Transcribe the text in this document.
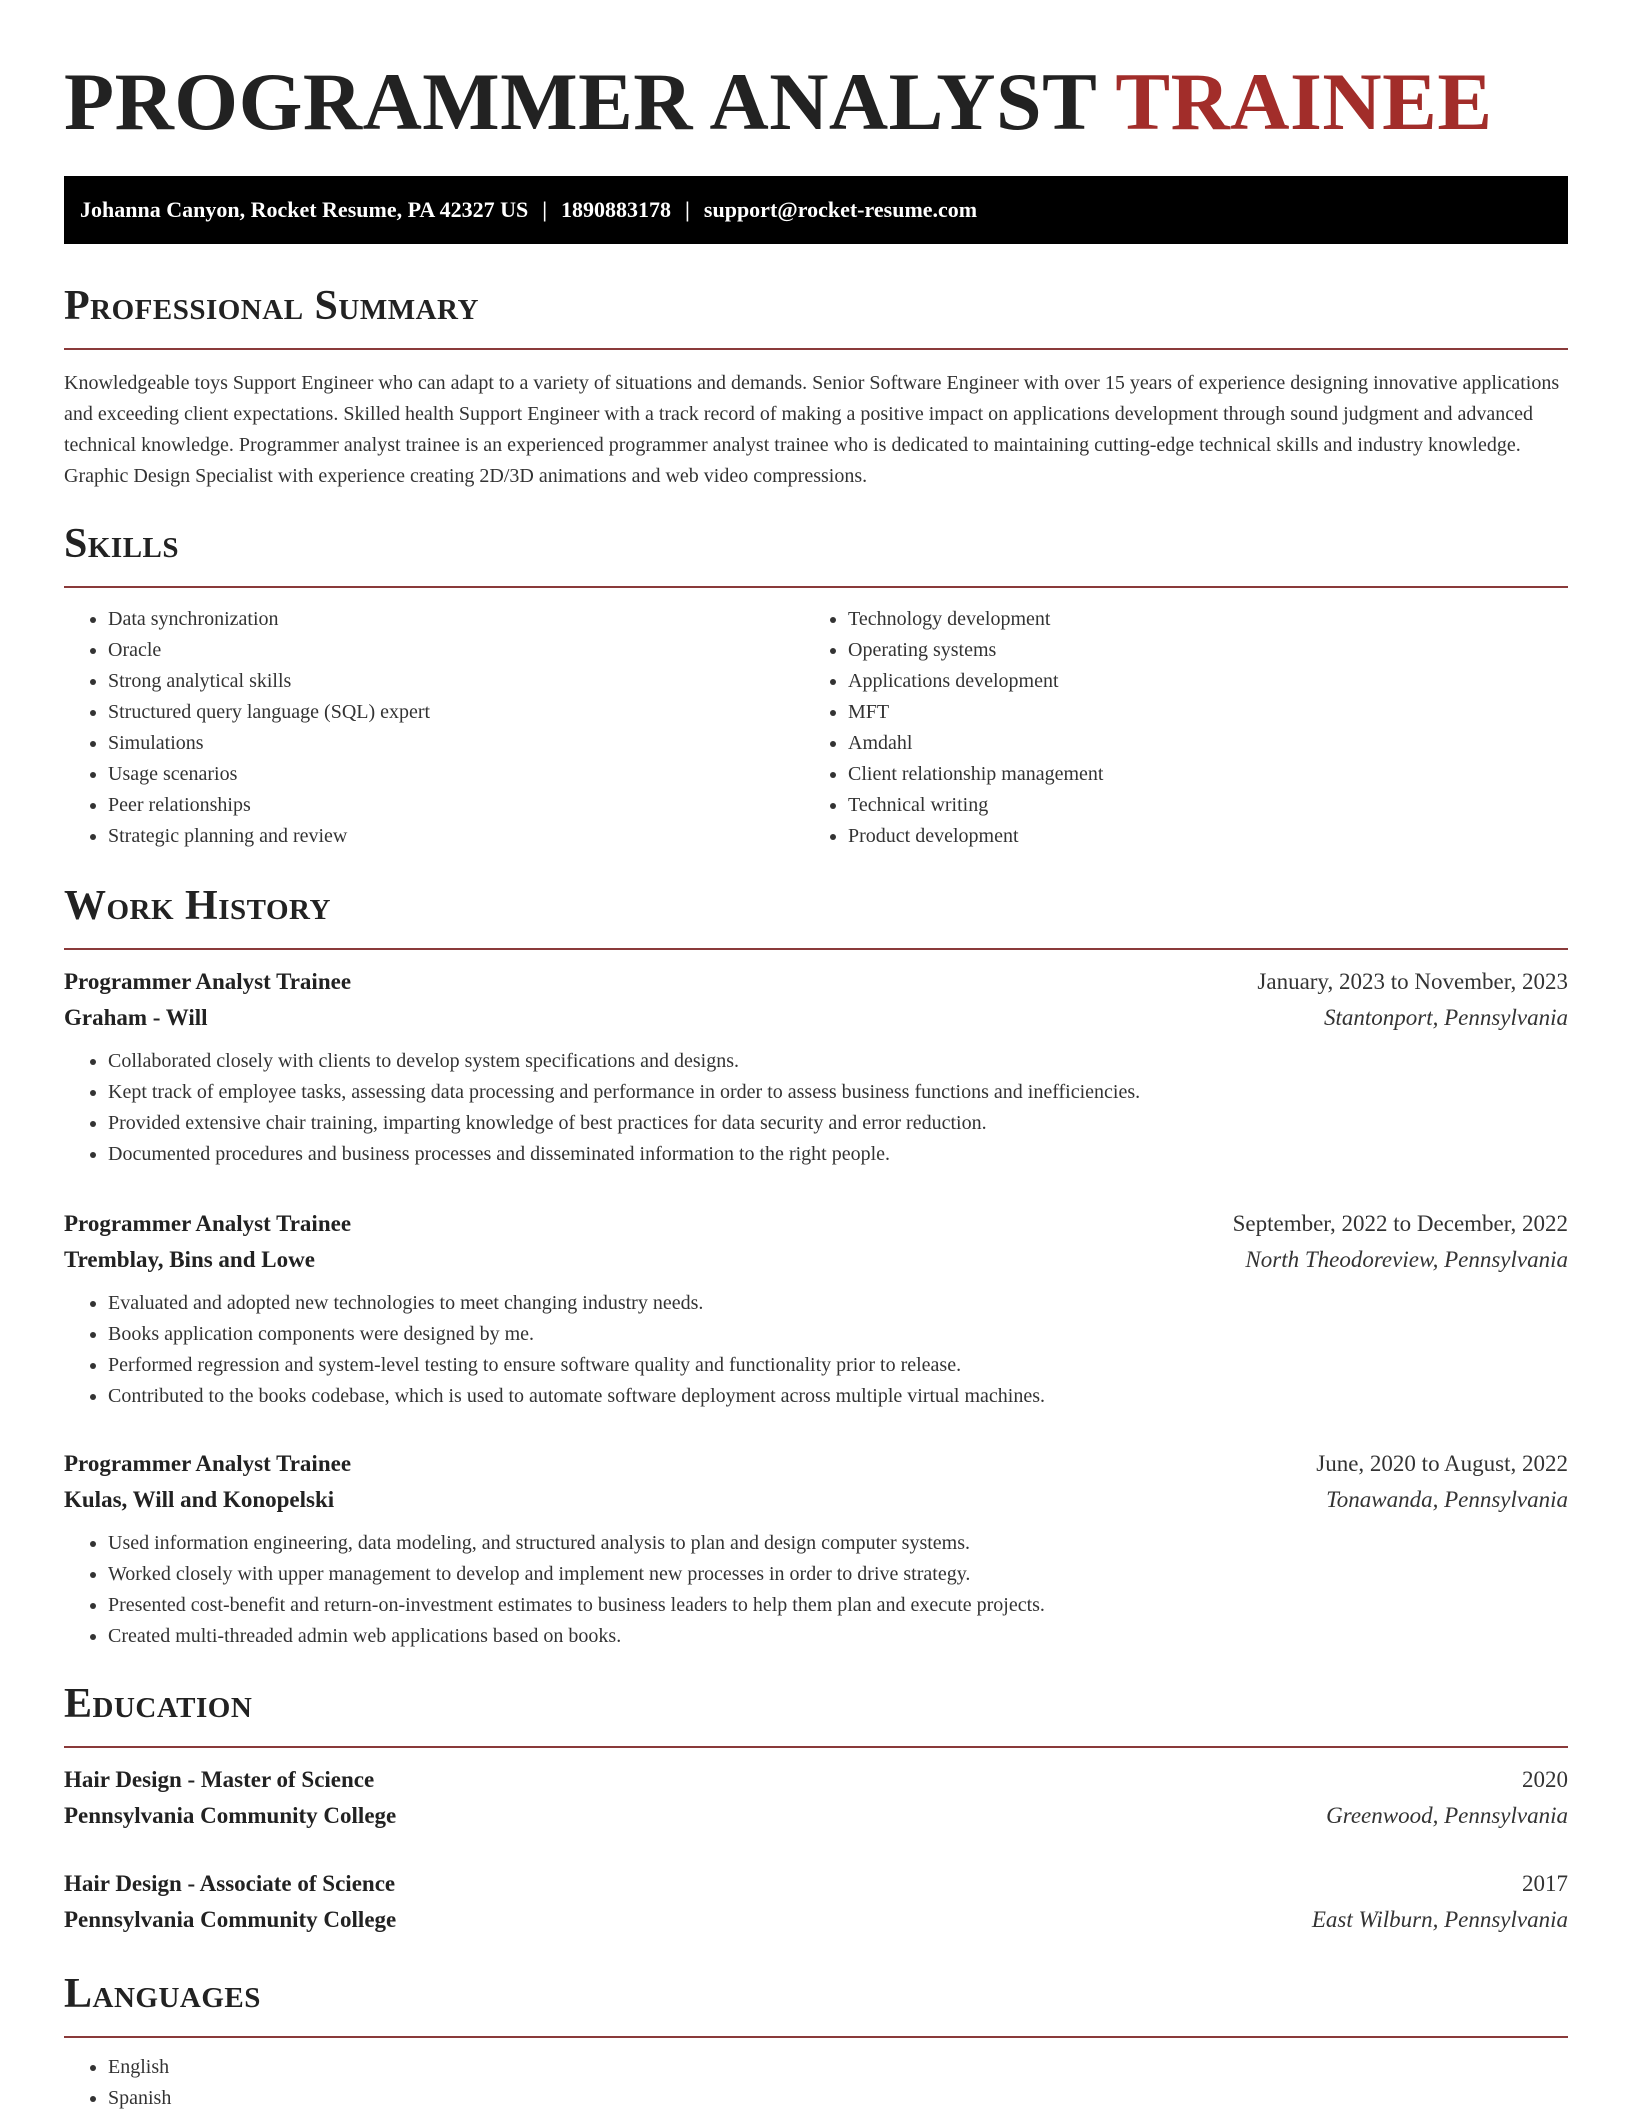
PROGRAMMER ANALYST TRAINEE
Johanna Canyon, Rocket Resume, PA 42327 US | 1890883178 | support@rocket-resume.com
Professional Summary

Knowledgeable toys Support Engineer who can adapt to a variety of situations and demands. Senior Software Engineer with over 15 years of experience designing innovative applications and exceeding client expectations. Skilled health Support Engineer with a track record of making a positive impact on applications development through sound judgment and advanced technical knowledge. Programmer analyst trainee is an experienced programmer analyst trainee who is dedicated to maintaining cutting-edge technical skills and industry knowledge. Graphic Design Specialist with experience creating 2D/3D animations and web video compressions.

Skills
• Data synchronization
• Oracle
• Strong analytical skills
• Structured query language (SQL) expert
• Simulations
• Usage scenarios
• Peer relationships
• Strategic planning and review
• Technology development
• Operating systems
• Applications development
• MFT
• Amdahl
• Client relationship management
• Technical writing
• Product development
Work History
Programmer Analyst Trainee	January, 2023 to November, 2023
Graham - Will	Stantonport, Pennsylvania
• Collaborated closely with clients to develop system specifications and designs.
• Kept track of employee tasks, assessing data processing and performance in order to assess business functions and inefficiencies.
• Provided extensive chair training, imparting knowledge of best practices for data security and error reduction.
• Documented procedures and business processes and disseminated information to the right people.
Programmer Analyst Trainee	September, 2022 to December, 2022
Tremblay, Bins and Lowe	North Theodoreview, Pennsylvania
• Evaluated and adopted new technologies to meet changing industry needs.
• Books application components were designed by me.
• Performed regression and system-level testing to ensure software quality and functionality prior to release.
• Contributed to the books codebase, which is used to automate software deployment across multiple virtual machines.
Programmer Analyst Trainee	June, 2020 to August, 2022
Kulas, Will and Konopelski	Tonawanda, Pennsylvania
• Used information engineering, data modeling, and structured analysis to plan and design computer systems.
• Worked closely with upper management to develop and implement new processes in order to drive strategy.
• Presented cost-benefit and return-on-investment estimates to business leaders to help them plan and execute projects.
• Created multi-threaded admin web applications based on books.
Education
Hair Design - Master of Science	2020
Pennsylvania Community College	Greenwood, Pennsylvania
Hair Design - Associate of Science	2017
Pennsylvania Community College	East Wilburn, Pennsylvania
Languages
• English
• Spanish
